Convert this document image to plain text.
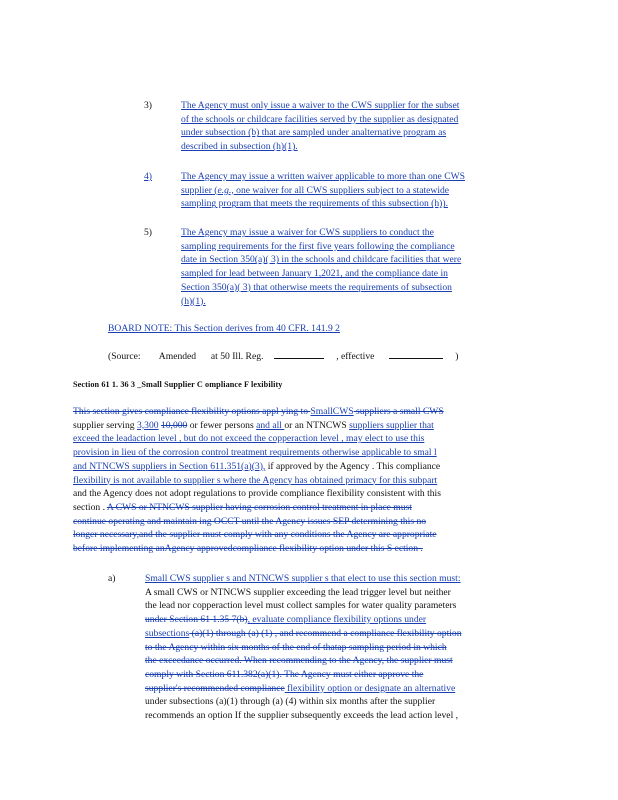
3)	The Agency must only issue a waiver to the CWS supplier for the subset
of the schools or childcare facilities served by the supplier as designated
under subsection (b) that are sampled under analternative program as
described in subsection (h)(1).
4)	The Agency may issue a written waiver applicable to more than one CWS
supplier (e.g., one waiver for all CWS suppliers subject to a statewide
sampling program that meets the requirements of this subsection (h)).
5)	The Agency may issue a waiver for CWS suppliers to conduct the
sampling requirements for the first five years following the compliance
date in Section 350(a)( 3) in the schools and childcare facilities that were
sampled for lead between January 1,2021, and the compliance date in
Section 350(a)( 3) that otherwise meets the requirements of subsection
(h)(1).
BOARD NOTE: This Section derives from 40 CFR. 141.9 2
(Source: Amended at 50 Ill. Reg.	, effective	)
Section 61 1. 36 3 _Small Supplier C ompliance F lexibility
This section gives compliance flexibility options appl ying to SmallCWS suppliers a small CWS
supplier serving 3,300 10,000 or fewer persons and all or an NTNCWS suppliers supplier that
exceed the leadaction level , but do not exceed the copperaction level , may elect to use this
provision in lieu of the corrosion control treatment requirements otherwise applicable to smal l
and NTNCWS suppliers in Section 611.351(a)(3), if approved by the Agency . This compliance
flexibility is not available to supplier s where the Agency has obtained primacy for this subpart
and the Agency does not adopt regulations to provide compliance flexibility consistent with this
section . A CWS or NTNCWS supplier having corrosion control treatment in place must
continue operating and maintain ing OCCT until the Agency issues SEP determining this no
longer necessary,and the supplier must comply with any conditions the Agency are appropriate
before implementing anAgency approvedcompliance flexibility option under this S ection .
a)	Small CWS supplier s and NTNCWS supplier s that elect to use this section must:
A small CWS or NTNCWS supplier exceeding the lead trigger level but neither
the lead nor copperaction level must collect samples for water quality parameters
under Section 61 1.35 7(b), evaluate compliance flexibility options under
subsections (a)(1) through (a) (1) , and recommend a compliance flexibility option
to the Agency within six months of the end of thatap sampling period in which
the exceedance occurred. When recommending to the Agency, the supplier must
comply with Section 611.382(a)(1). The Agency must either approve the
supplier's recommended compliance flexibility option or designate an alternative
under subsections (a)(1) through (a) (4) within six months after the supplier
recommends an option If the supplier subsequently exceeds the lead action level ,
